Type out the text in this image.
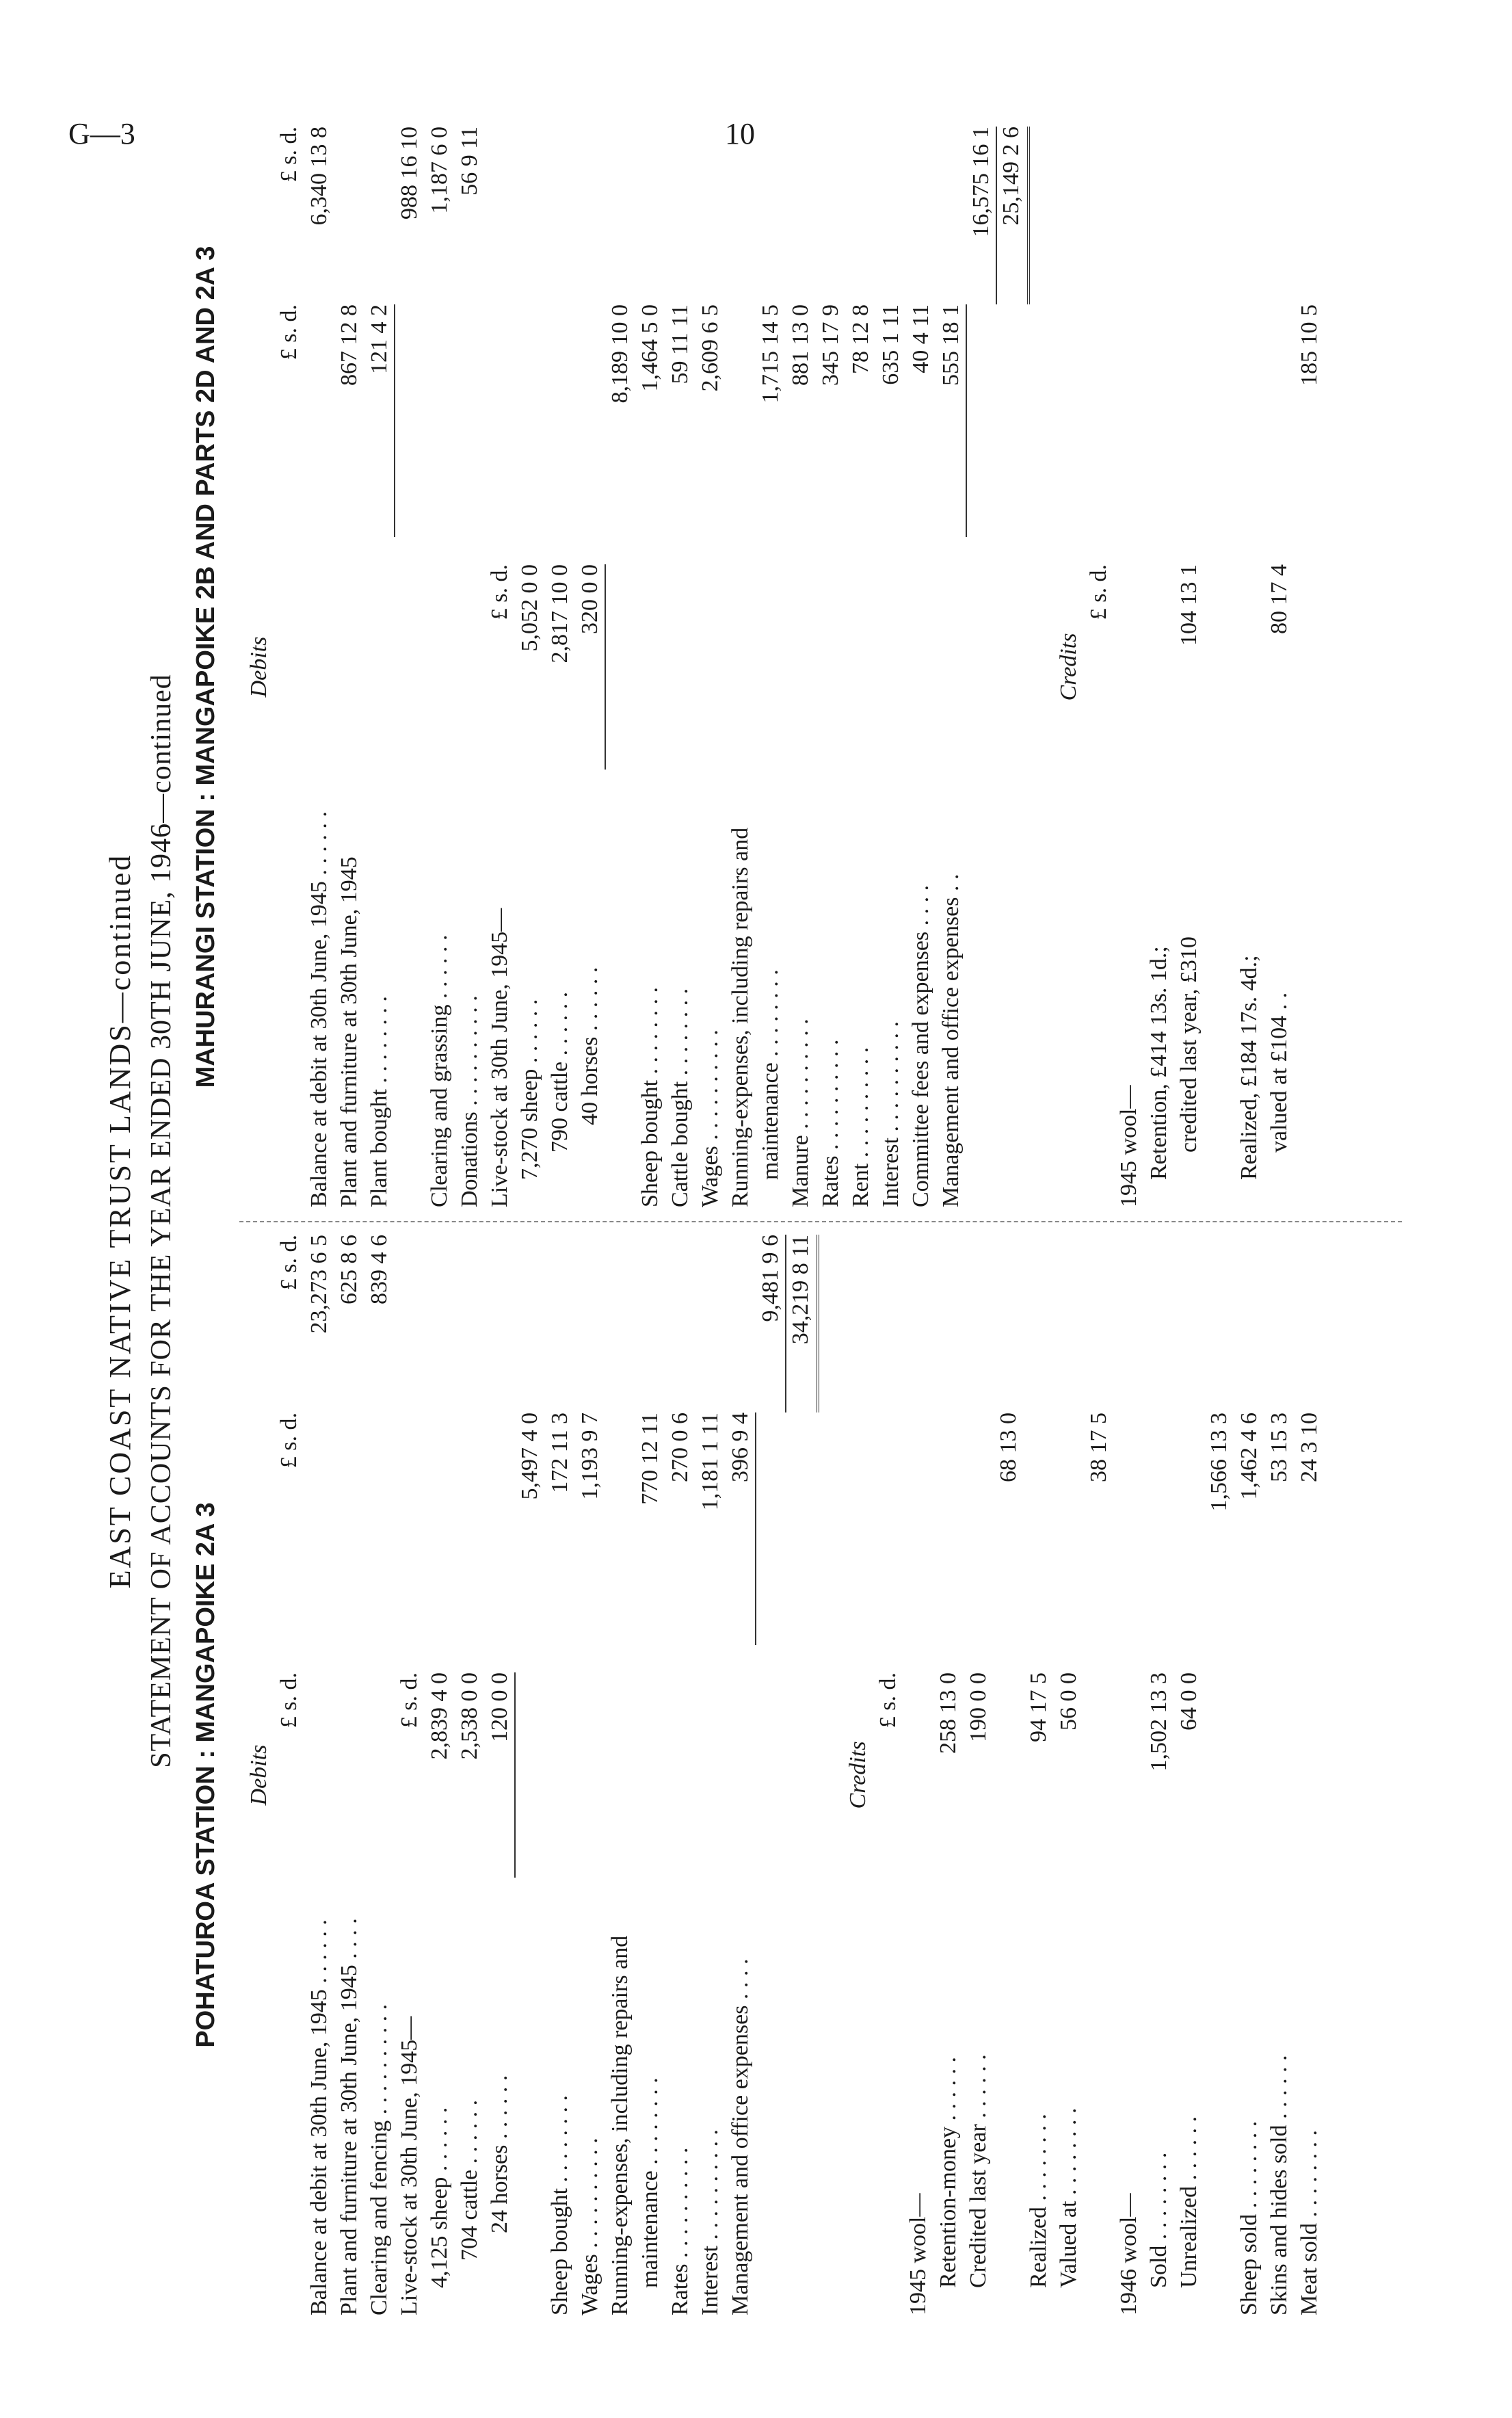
G—3	10
EAST COAST NATIVE TRUST LANDS—continued STATEMENT OF ACCOUNTS FOR THE YEAR ENDED 30TH JUNE, 1946—continued
POHATUROA STATION : MANGAPOIKE 2A 3
MAHURANGI STATION : MANGAPOIKE 2B AND PARTS 2D AND 2A 3
Debits
£ s. d.
£ s. d.
£ s. d.
Balance at debit at 30th June, 1945 . . . . . .
23,273 6 5
Plant and furniture at 30th June, 1945 . . . .
625 8 6
Clearing and fencing . . . . . . . . . .
839 4 6
Live-stock at 30th June, 1945—
£ s. d.
4,125 sheep . . . . . .
2,839 4 0
704 cattle . . . . . .
2,538 0 0
24 horses . . . . . .
120 0 0
5,497 4 0
Sheep bought . . . . . . . .
172 11 3
Wages . . . . . . . . . .
1,193 9 7
Running-expenses, including repairs and maintenance . . . . . . . .
770 12 11
Rates . . . . . . . . . .
270 0 6
Interest . . . . . . . . . .
1,181 1 11
Management and office expenses . . . .
396 9 4
9,481 9 6 34,219 8 11
Credits
£ s. d.
1945 wool— Retention-money . . . . . .
258 13 0
Credited last year . . . . . .
190 0 0
68 13 0
Realized . . . . . . . .
94 17 5
Valued at . . . . . . . .
56 0 0
38 17 5
1946 wool— Sold . . . . . . . .
1,502 13 3
Unrealized . . . . . .
64 0 0
1,566 13 3
Sheep sold . . . . . . . .
1,462 4 6
Skins and hides sold . . . . . .
53 15 3
Meat sold . . . . . . . .
24 3 10
Debits
£ s. d.
£ s. d.
Balance at debit at 30th June, 1945 . . . . . .
6,340 13 8
Plant and furniture at 30th June, 1945
867 12 8
Plant bought . . . . . . . .
121 4 2
988 16 10
Clearing and grassing . . . . . .
1,187 6 0
Donations . . . . . . . . . .
56 9 11
Live-stock at 30th June, 1945—
£ s. d.
7,270 sheep . . . . . .
5,052 0 0
790 cattle . . . . . .
2,817 10 0
40 horses . . . . . .
320 0 0
8,189 10 0
Sheep bought . . . . . . . .
1,464 5 0
Cattle bought . . . . . . . .
59 11 11
Wages . . . . . . . . . .
2,609 6 5
Running-expenses, including repairs and maintenance . . . . . . . .
1,715 14 5
Manure . . . . . . . . . .
881 13 0
Rates . . . . . . . . . .
345 17 9
Rent . . . . . . . . . .
78 12 8
Interest . . . . . . . . . .
635 1 11
Committee fees and expenses . . . .
40 4 11
Management and office expenses . .
555 18 1
16,575 16 1 25,149 2 6
Credits
£ s. d.
1945 wool— Retention, £414 13s. 1d.; credited last year, £310
104 13 1
Realized, £184 17s. 4d.; valued at £104 . .
80 17 4
185 10 5
